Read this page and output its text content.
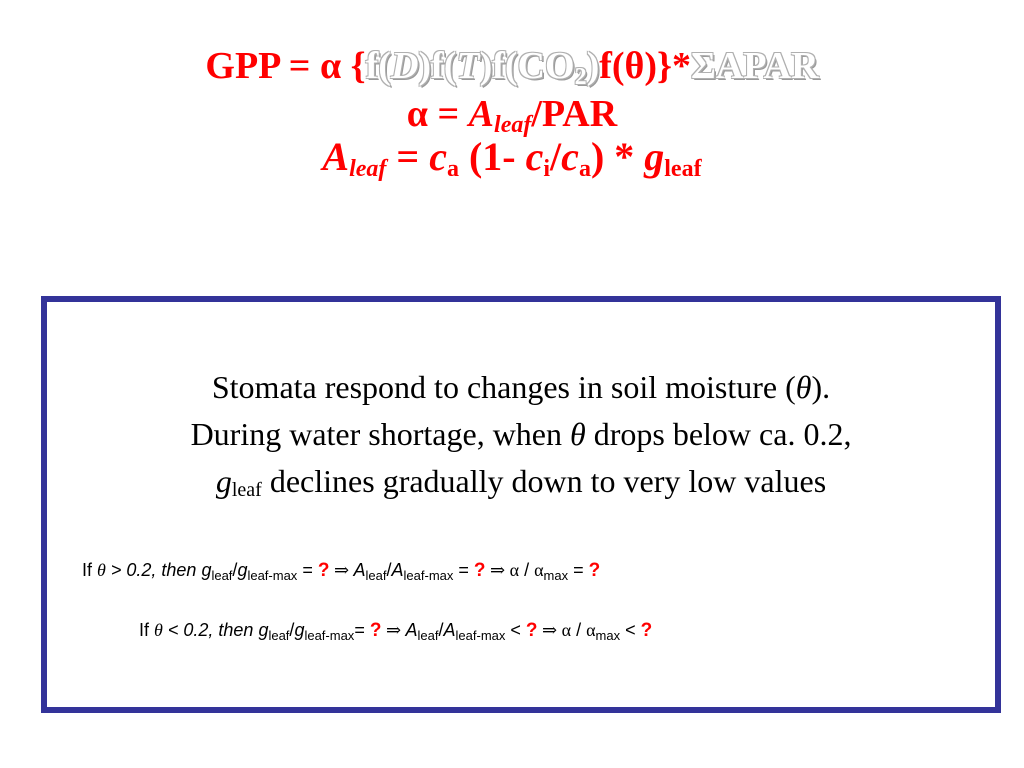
GPP = α $\{f(D)f(T)f(CO_2)f(\theta)\}*\Sigma APAR$
$\alpha = A_{leaf}$/PAR
$A_{leaf} = c_a$ (1- $c_i/c_a) * g_{leaf}$
Stomata respond to changes in soil moisture (θ).
During water shortage, when θ drops below ca. 0.2,
$g_{leaf}$ declines gradually down to very low values
If θ > 0.2, then $g_{leaf}/g_{leaf-max}$ = ? ⇒ $A_{leaf}/A_{leaf-max}$ = ? ⇒ α / $\alpha_{max}$ = ?
If θ < 0.2, then $g_{leaf}/g_{leaf-max}=$ ? ⇒ $A_{leaf}/A_{leaf-max}$ < ? ⇒ α / $\alpha_{max}$ < ?
